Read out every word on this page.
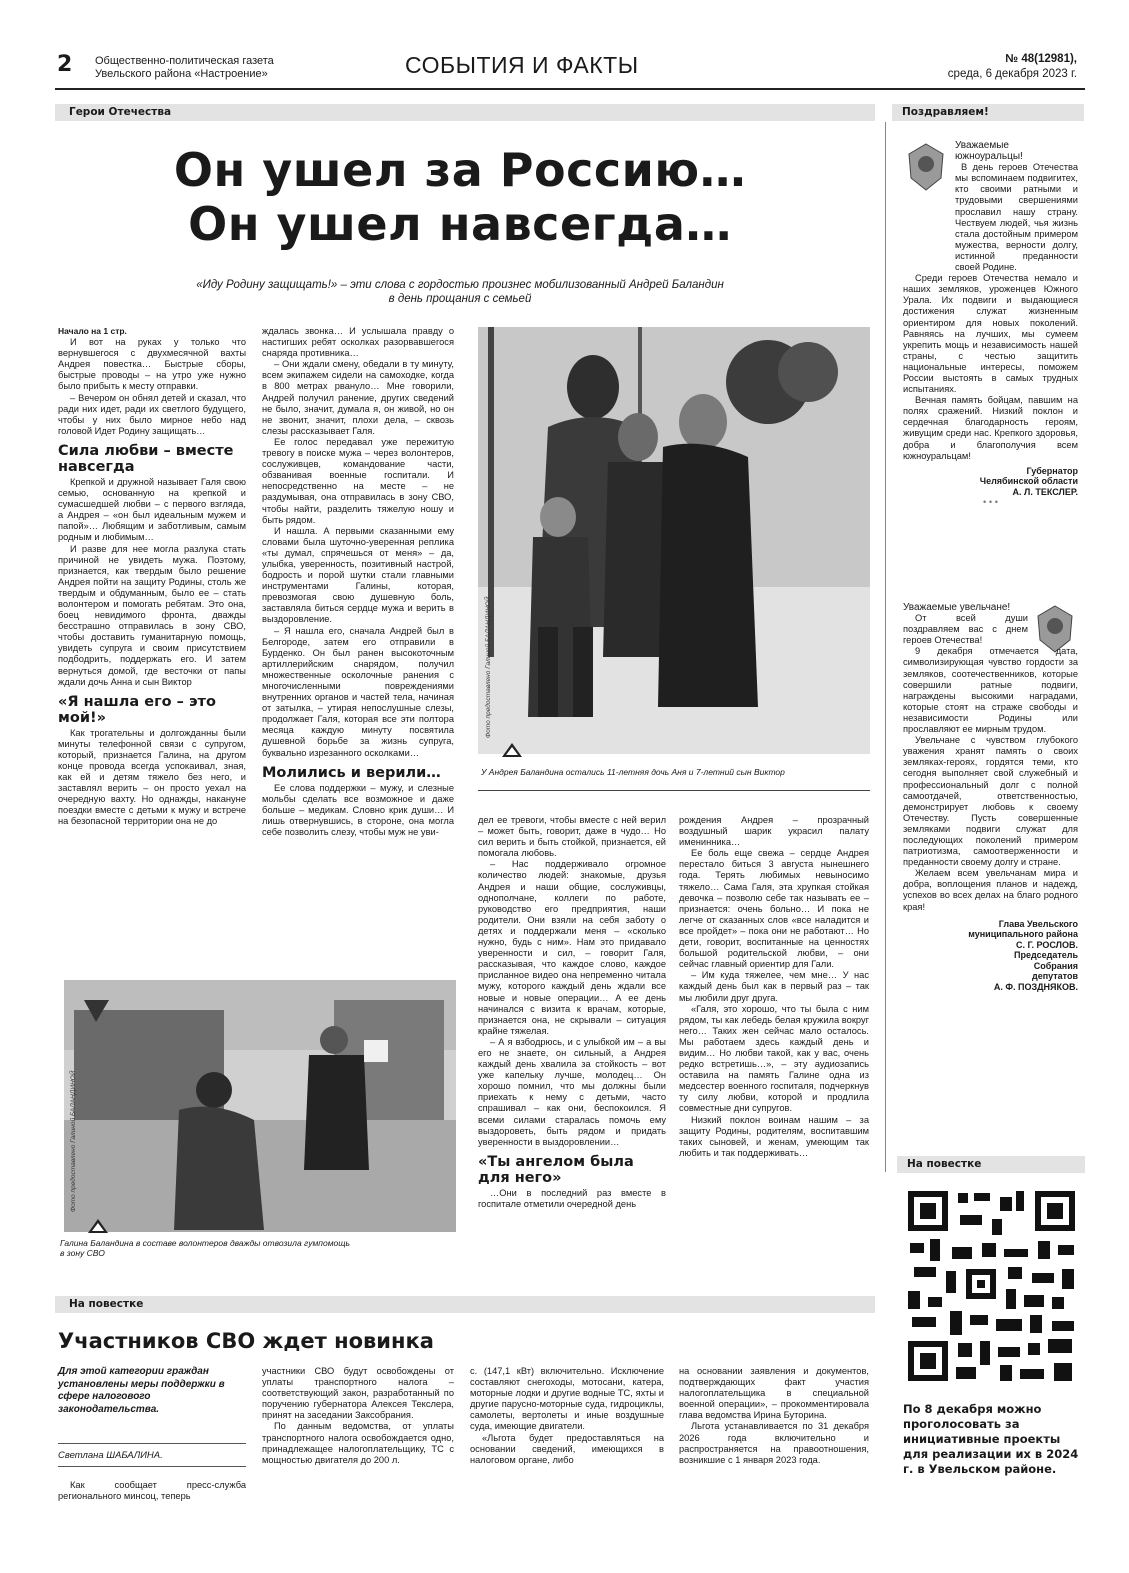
2 Общественно-политическая газета
Увельского района «Настроение»	СОБЫТИЯ И ФАКТЫ	№ 48(12981),
среда, 6 декабря 2023 г.
Герои Отечества	Поздравляем!
Он ушел за Россию…
Он ушел навсегда…
«Иду Родину защищать!» – эти слова с гордостью произнес мобилизованный Андрей Баландин
в день прощания с семьей

Начало на 1 стр.

И вот на руках у только что вернувшегося с двухмесячной вахты Андрея повестка… Быстрые сборы, быстрые проводы – на утро уже нужно было прибыть к месту отправки.

– Вечером он обнял детей и сказал, что ради них идет, ради их светлого будущего, чтобы у них было мирное небо над головой Идет Родину защищать…

Сила любви – вместе навсегда

Крепкой и дружной называет Галя свою семью, основанную на крепкой и сумасшедшей любви – с первого взгляда, а Андрея – «он был идеальным мужем и папой»… Любящим и заботливым, самым родным и любимым…

И разве для нее могла разлука стать причиной не увидеть мужа. Поэтому, признается, как твердым было решение Андрея пойти на защиту Родины, столь же твердым и обдуманным, было ее – стать волонтером и помогать ребятам. Это она, боец невидимого фронта, дважды бесстрашно отправилась в зону СВО, чтобы доставить гуманитарную помощь, увидеть супруга и своим присутствием подбодрить, поддержать его. И затем вернуться домой, где весточки от папы ждали дочь Анна и сын Виктор

«Я нашла его – это мой!»

Как трогательны и долгожданны были минуты телефонной связи с супругом, который, признается Галина, на другом конце провода всегда успокаивал, зная, как ей и детям тяжело без него, и заставлял верить – он просто уехал на очередную вахту. Но однажды, накануне поездки вместе с детьми к мужу и встрече на безопасной территории она не до

ждалась звонка… И услышала правду о настигших ребят осколках разорвавшегося снаряда противника…

– Они ждали смену, обедали в ту минуту, всем экипажем сидели на самоходке, когда в 800 метрах рвануло… Мне говорили, Андрей получил ранение, других сведений не было, значит, думала я, он живой, но он не звонит, значит, плохи дела, – сквозь слезы рассказывает Галя.

Ее голос передавал уже пережитую тревогу в поиске мужа – через волонтеров, сослуживцев, командование части, обзванивая военные госпитали. И непосредственно на месте – не раздумывая, она отправилась в зону СВО, чтобы найти, разделить тяжелую ношу и быть рядом.

И нашла. А первыми сказанными ему словами была шуточно-уверенная реплика «ты думал, спрячешься от меня» – да, улыбка, уверенность, позитивный настрой, бодрость и порой шутки стали главными инструментами Галины, которая, превозмогая свою душевную боль, заставляла биться сердце мужа и верить в выздоровление.

– Я нашла его, сначала Андрей был в Белгороде, затем его отправили в Бурденко. Он был ранен высокоточным артиллерийским снарядом, получил множественные осколочные ранения с многочисленными повреждениями внутренних органов и частей тела, начиная от затылка, – утирая непослушные слезы, продолжает Галя, которая все эти полтора месяца каждую минуту посвятила душевной борьбе за жизнь супруга, буквально изрезанного осколками…

Молились и верили…

Ее слова поддержки – мужу, и слезные мольбы сделать все возможное и даже больше – медикам. Словно крик души… И лишь отвернувшись, в стороне, она могла себе позволить слезу, чтобы муж не уви-

Фото предоставлено Галиной БАЛАНДИНОЙ
У Андрея Баландина остались 11-летняя дочь Аня и 7-летний сын Виктор

дел ее тревоги, чтобы вместе с ней верил – может быть, говорит, даже в чудо… Но сил верить и быть стойкой, признается, ей помогала любовь.

– Нас поддерживало огромное количество людей: знакомые, друзья Андрея и наши общие, сослуживцы, однополчане, коллеги по работе, руководство его предприятия, наши родители. Они взяли на себя заботу о детях и поддержали меня – «сколько нужно, будь с ним». Нам это придавало уверенности и сил, – говорит Галя, рассказывая, что каждое слово, каждое присланное видео она непременно читала мужу, которого каждый день ждали все новые и новые операции… А ее день начинался с визита к врачам, которые, признается она, не скрывали – ситуация крайне тяжелая.

– А я взбодрюсь, и с улыбкой им – а вы его не знаете, он сильный, а Андрея каждый день хвалила за стойкость – вот уже капельку лучше, молодец… Он хорошо помнил, что мы должны были приехать к нему с детьми, часто спрашивал – как они, беспокоился. Я всеми силами старалась помочь ему выздороветь, быть рядом и придать уверенности в выздоровлении…

«Ты ангелом была для него»

…Они в последний раз вместе в госпитале отметили очередной день

рождения Андрея – прозрачный воздушный шарик украсил палату именинника…

Ее боль еще свежа – сердце Андрея перестало биться 3 августа нынешнего года. Терять любимых невыносимо тяжело… Сама Галя, эта хрупкая стойкая девочка – позволю себе так называть ее – признается: очень больно… И пока не легче от сказанных слов «все наладится и все пройдет» – пока они не работают… Но дети, говорит, воспитанные на ценностях большой родительской любви, – они сейчас главный ориентир для Гали.

– Им куда тяжелее, чем мне… У нас каждый день был как в первый раз – так мы любили друг друга.

«Галя, это хорошо, что ты была с ним рядом, ты как лебедь белая кружила вокруг него… Таких жен сейчас мало осталось. Мы работаем здесь каждый день и видим… Но любви такой, как у вас, очень редко встретишь…», – эту аудиозапись оставила на память Галине одна из медсестер военного госпиталя, подчеркнув ту силу любви, которой и продлила совместные дни супругов.

Низкий поклон воинам нашим – за защиту Родины, родителям, воспитавшим таких сыновей, и женам, умеющим так любить и так поддерживать…

Фото предоставлено Галиной БАЛАНДИНОЙ
Галина Баландина в составе волонтеров дважды отвозила гумпомощь
в зону СВО

Уважаемые южноуральцы!

В день героев Отечества мы вспоминаем подвигитех, кто своими ратными и трудовыми свершениями прославил нашу страну. Чествуем людей, чья жизнь стала достойным примером мужества, верности долгу, истинной преданности своей Родине.

Среди героев Отечества немало и наших земляков, уроженцев Южного Урала. Их подвиги и выдающиеся достижения служат жизненным ориентиром для новых поколений. Равняясь на лучших, мы сумеем укрепить мощь и независимость нашей страны, с честью защитить национальные интересы, поможем России выстоять в самых трудных испытаниях.

Вечная память бойцам, павшим на полях сражений. Низкий поклон и сердечная благодарность героям, живущим среди нас. Крепкого здоровья, добра и благополучия всем южноуральцам!

Губернатор

Челябинской области

А. Л. ТЕКСЛЕР.

• • •

Уважаемые увельчане!

От всей души поздравляем вас с днем героев Отечества!

9 декабря отмечается дата, символизирующая чувство гордости за земляков, соотечественников, которые совершили ратные подвиги, награждены высокими наградами, которые стоят на страже свободы и независимости Родины или прославляют ее мирным трудом.

Увельчане с чувством глубокого уважения хранят память о своих земляках-героях, гордятся теми, кто сегодня выполняет свой служебный и профессиональный долг с полной самоотдачей, ответственностью, демонстрирует любовь к своему Отечеству. Пусть совершенные земляками подвиги служат для последующих поколений примером патриотизма, самоотверженности и преданности своему долгу и стране.

Желаем всем увельчанам мира и добра, воплощения планов и надежд, успехов во всех делах на благо родного края!

Глава Увельского

муниципального района

С. Г. РОСЛОВ.

Председатель

Собрания

депутатов

А. Ф. ПОЗДНЯКОВ.

На повестке
По 8 декабря можно проголосовать за инициативные проекты для реализации их в 2024 г. в Увельском районе.
На повестке
Участников СВО ждет новинка
Для этой категории граждан установлены меры поддержки в сфере налогового законодательства.
Светлана ШАБАЛИНА.

Как сообщает пресс-служба регионального минсоц, теперь

участники СВО будут освобождены от уплаты транспортного налога – соответствующий закон, разработанный по поручению губернатора Алексея Текслера, принят на заседании Заксобрания.

По данным ведомства, от уплаты транспортного налога освобождается одно, принадлежащее налогоплательщику, ТС с мощностью двигателя до 200 л.

с. (147,1 кВт) включительно. Исключение составляют снегоходы, мотосани, катера, моторные лодки и другие водные ТС, яхты и другие парусно-моторные суда, гидроциклы, самолеты, вертолеты и иные воздушные суда, имеющие двигатели.

«Льгота будет предоставляться на основании сведений, имеющихся в налоговом органе, либо

на основании заявления и документов, подтверждающих факт участия налогоплательщика в специальной военной операции», – прокомментировала глава ведомства Ирина Буторина.

Льгота устанавливается по 31 декабря 2026 года включительно и распространяется на правоотношения, возникшие с 1 января 2023 года.
